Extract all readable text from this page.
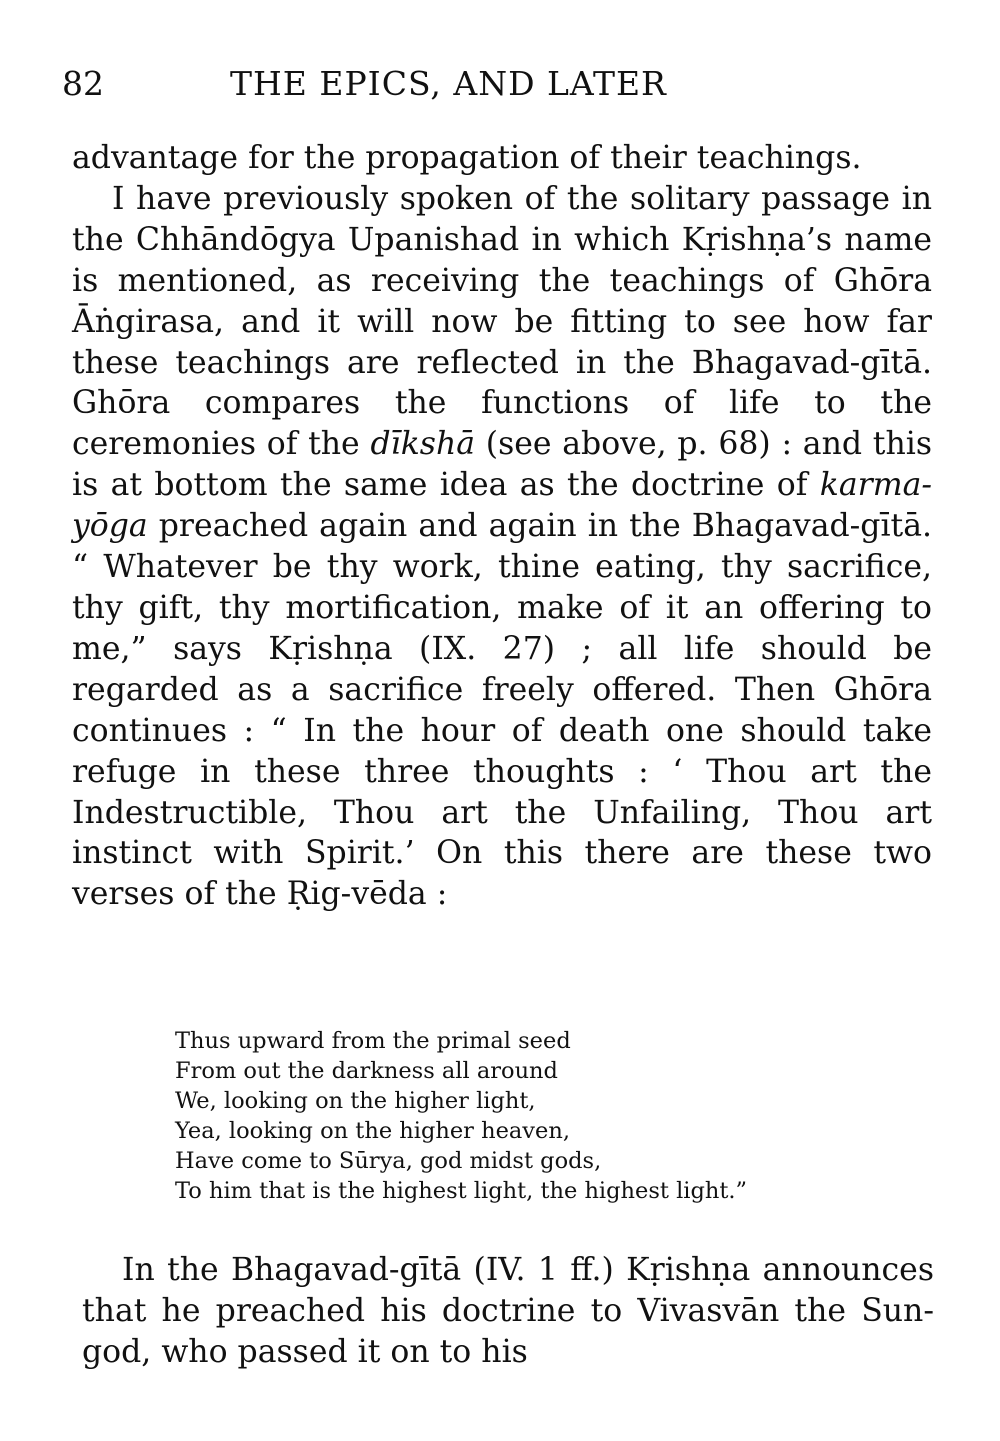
82	THE EPICS, AND LATER

advantage for the propagation of their teachings.

I have previously spoken of the solitary passage in the Chhāndōgya Upanishad in which Kṛishṇa’s name is mentioned, as receiving the teachings of Ghōra Āṅgirasa, and it will now be fitting to see how far these teachings are reflected in the Bhagavad-gītā. Ghōra compares the functions of life to the ceremonies of the dīkshā (see above, p. 68) : and this is at bottom the same idea as the doctrine of karma-yōga preached again and again in the Bhagavad-gītā. “ Whatever be thy work, thine eating, thy sacrifice, thy gift, thy mortification, make of it an offering to me,” says Kṛishṇa (IX. 27) ; all life should be regarded as a sacrifice freely offered. Then Ghōra continues : “ In the hour of death one should take refuge in these three thoughts : ‘ Thou art the Indestructible, Thou art the Unfailing, Thou art instinct with Spirit.’ On this there are these two verses of the Ṛig-vēda :

Thus upward from the primal seed
From out the darkness all around
We, looking on the higher light,
Yea, looking on the higher heaven,
Have come to Sūrya, god midst gods,
To him that is the highest light, the highest light.”

In the Bhagavad-gītā (IV. 1 ff.) Kṛishṇa announces that he preached his doctrine to Vivasvān the Sun-god, who passed it on to his
